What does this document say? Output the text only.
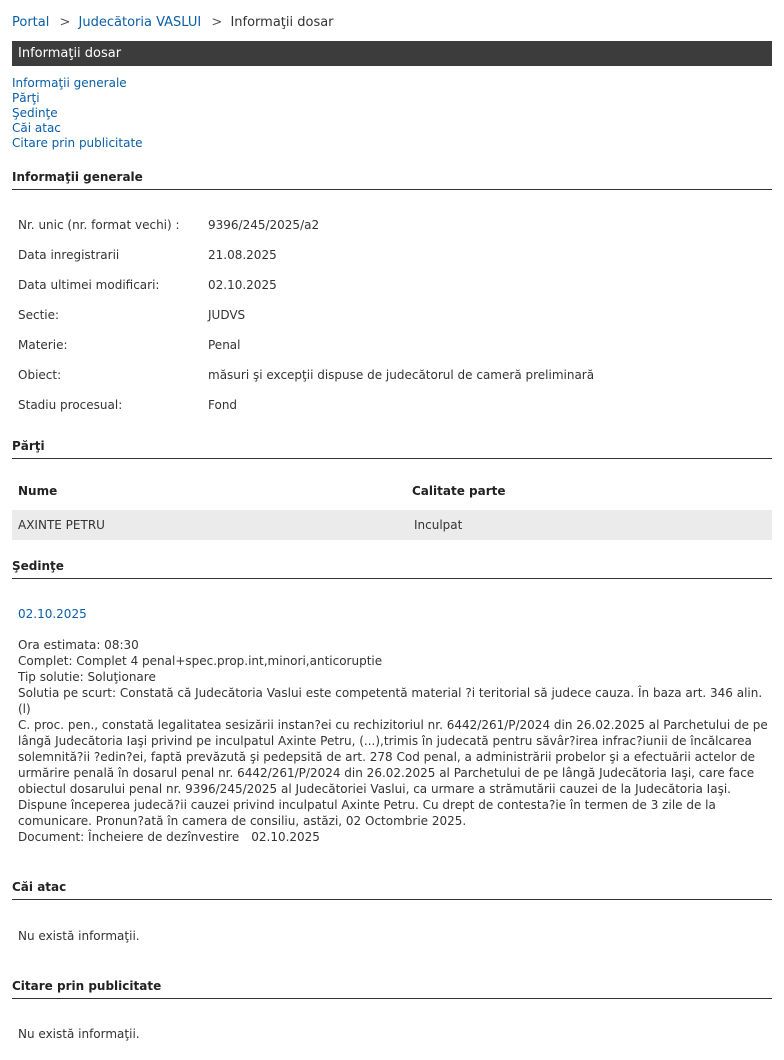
Portal > Judecătoria VASLUI > Informaţii dosar
Informaţii dosar
Informaţii generale
Părţi
Şedinţe
Căi atac
Citare prin publicitate
Informaţii generale
Nr. unic (nr. format vechi) : 9396/245/2025/a2
Data inregistrarii	21.08.2025
Data ultimei modificari:	02.10.2025
Sectie:	JUDVS
Materie:	Penal
Obiect:	măsuri şi excepţii dispuse de judecătorul de cameră preliminară
Stadiu procesual:	Fond
Părţi
Nume	Calitate parte
AXINTE PETRU	Inculpat
Şedinţe
02.10.2025
Ora estimata: 08:30
Complet: Complet 4 penal+spec.prop.int,minori,anticoruptie
Tip solutie: Soluţionare
Solutia pe scurt: Constată că Judecătoria Vaslui este competentă material ?i teritorial să judece cauza. În baza art. 346 alin. (l)
C. proc. pen., constată legalitatea sesizării instan?ei cu rechizitoriul nr. 6442/261/P/2024 din 26.02.2025 al Parchetului de pe
lângă Judecătoria Iaşi privind pe inculpatul Axinte Petru, (...),trimis în judecată pentru săvâr?irea infrac?iunii de încălcarea
solemnită?ii ?edin?ei, faptă prevăzută şi pedepsită de art. 278 Cod penal, a administrării probelor şi a efectuării actelor de
urmărire penală în dosarul penal nr. 6442/261/P/2024 din 26.02.2025 al Parchetului de pe lângă Judecătoria Iaşi, care face
obiectul dosarului penal nr. 9396/245/2025 al Judecătoriei Vaslui, ca urmare a strămutării cauzei de la Judecătoria Iaşi.
Dispune începerea judecă?ii cauzei privind inculpatul Axinte Petru. Cu drept de contesta?ie în termen de 3 zile de la
comunicare. Pronun?ată în camera de consiliu, astăzi, 02 Octombrie 2025.
Document: Încheiere de dezînvestire 02.10.2025
Căi atac
Nu există informaţii.
Citare prin publicitate
Nu există informaţii.
